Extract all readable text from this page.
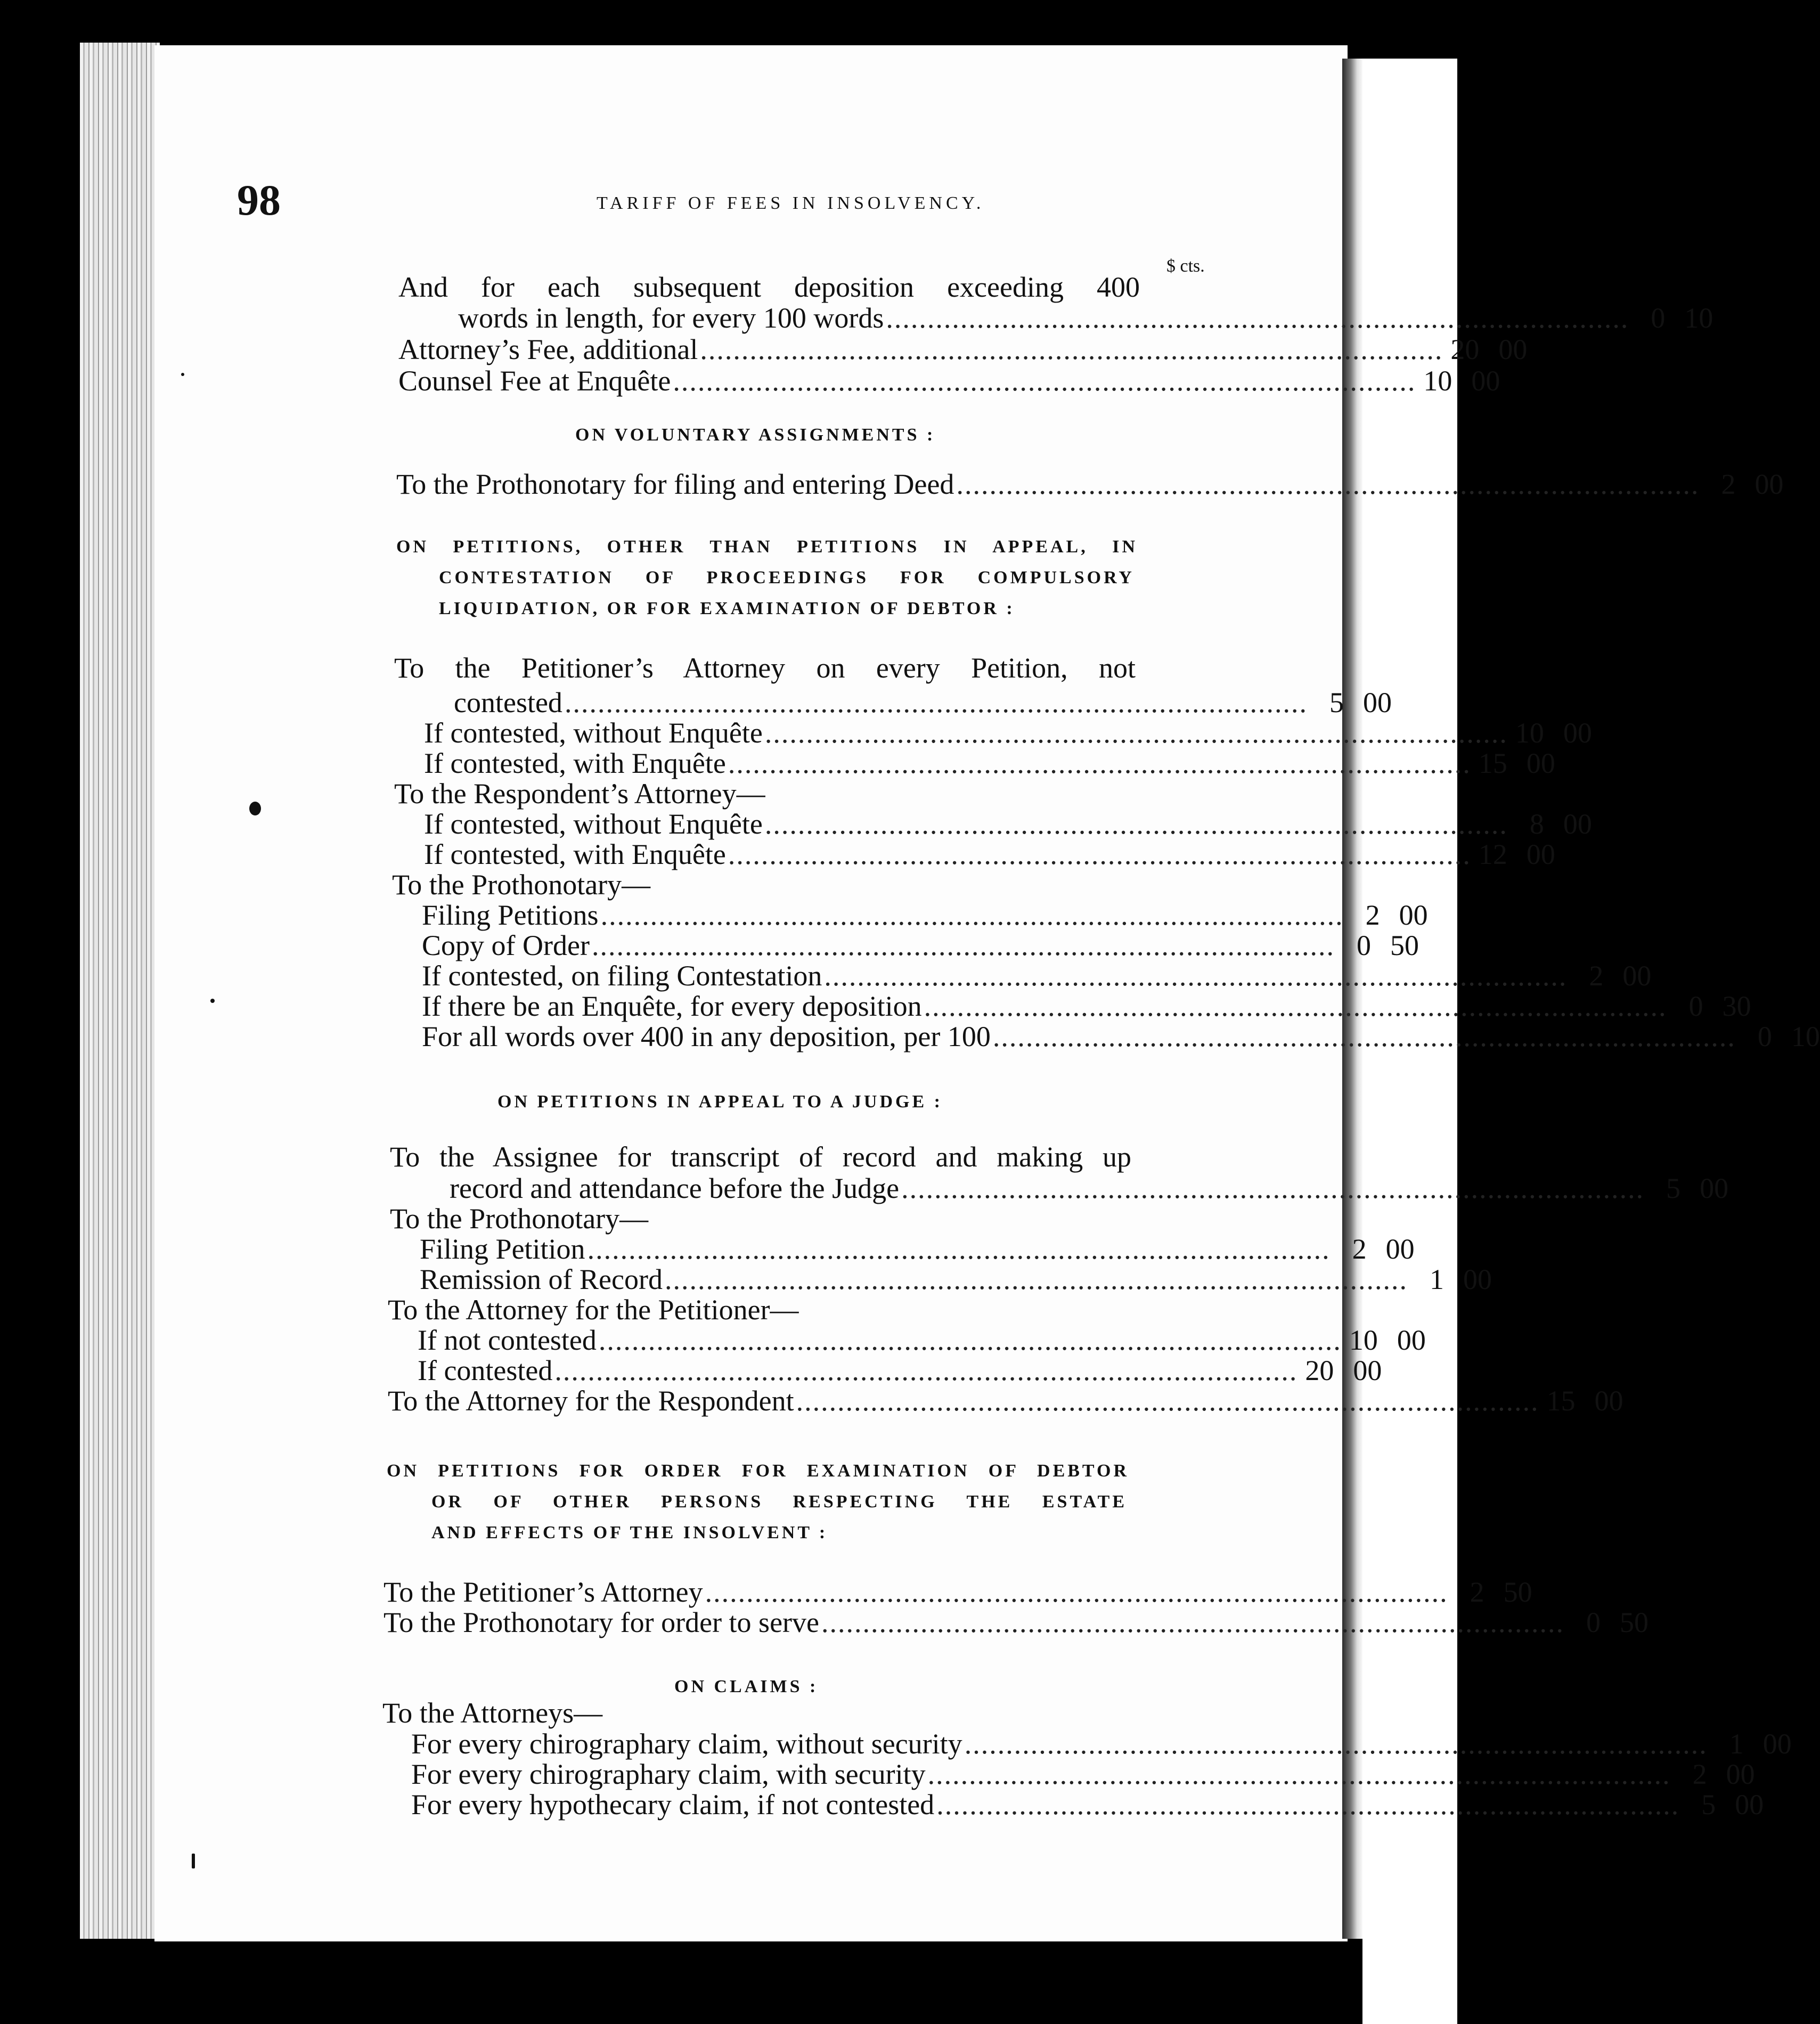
98	TARIFF OF FEES IN INSOLVENCY.
$ cts.
And for each subsequent deposition exceeding 400
words in length, for every 100 words .......................................................................................... 0 10
Attorney’s Fee, additional .......................................................................................... 20 00
Counsel Fee at Enquête .......................................................................................... 10 00
ON VOLUNTARY ASSIGNMENTS :
To the Prothonotary for filing and entering Deed .......................................................................................... 2 00
ON PETITIONS, OTHER THAN PETITIONS IN APPEAL, IN
CONTESTATION OF PROCEEDINGS FOR COMPULSORY
LIQUIDATION, OR FOR EXAMINATION OF DEBTOR :
To the Petitioner’s Attorney on every Petition, not
contested .......................................................................................... 5 00
If contested, without Enquête .......................................................................................... 10 00
If contested, with Enquête .......................................................................................... 15 00
To the Respondent’s Attorney—
If contested, without Enquête .......................................................................................... 8 00
If contested, with Enquête .......................................................................................... 12 00
To the Prothonotary—
Filing Petitions .......................................................................................... 2 00
Copy of Order .......................................................................................... 0 50
If contested, on filing Contestation .......................................................................................... 2 00
If there be an Enquête, for every deposition .......................................................................................... 0 30
For all words over 400 in any deposition, per 100 .......................................................................................... 0 10
ON PETITIONS IN APPEAL TO A JUDGE :
To the Assignee for transcript of record and making up
record and attendance before the Judge .......................................................................................... 5 00
To the Prothonotary—
Filing Petition .......................................................................................... 2 00
Remission of Record .......................................................................................... 1 00
To the Attorney for the Petitioner—
If not contested .......................................................................................... 10 00
If contested .......................................................................................... 20 00
To the Attorney for the Respondent .......................................................................................... 15 00
ON PETITIONS FOR ORDER FOR EXAMINATION OF DEBTOR
OR OF OTHER PERSONS RESPECTING THE ESTATE
AND EFFECTS OF THE INSOLVENT :
To the Petitioner’s Attorney .......................................................................................... 2 50
To the Prothonotary for order to serve .......................................................................................... 0 50
ON CLAIMS :
To the Attorneys—
For every chirographary claim, without security .......................................................................................... 1 00
For every chirographary claim, with security .......................................................................................... 2 00
For every hypothecary claim, if not contested .......................................................................................... 5 00
